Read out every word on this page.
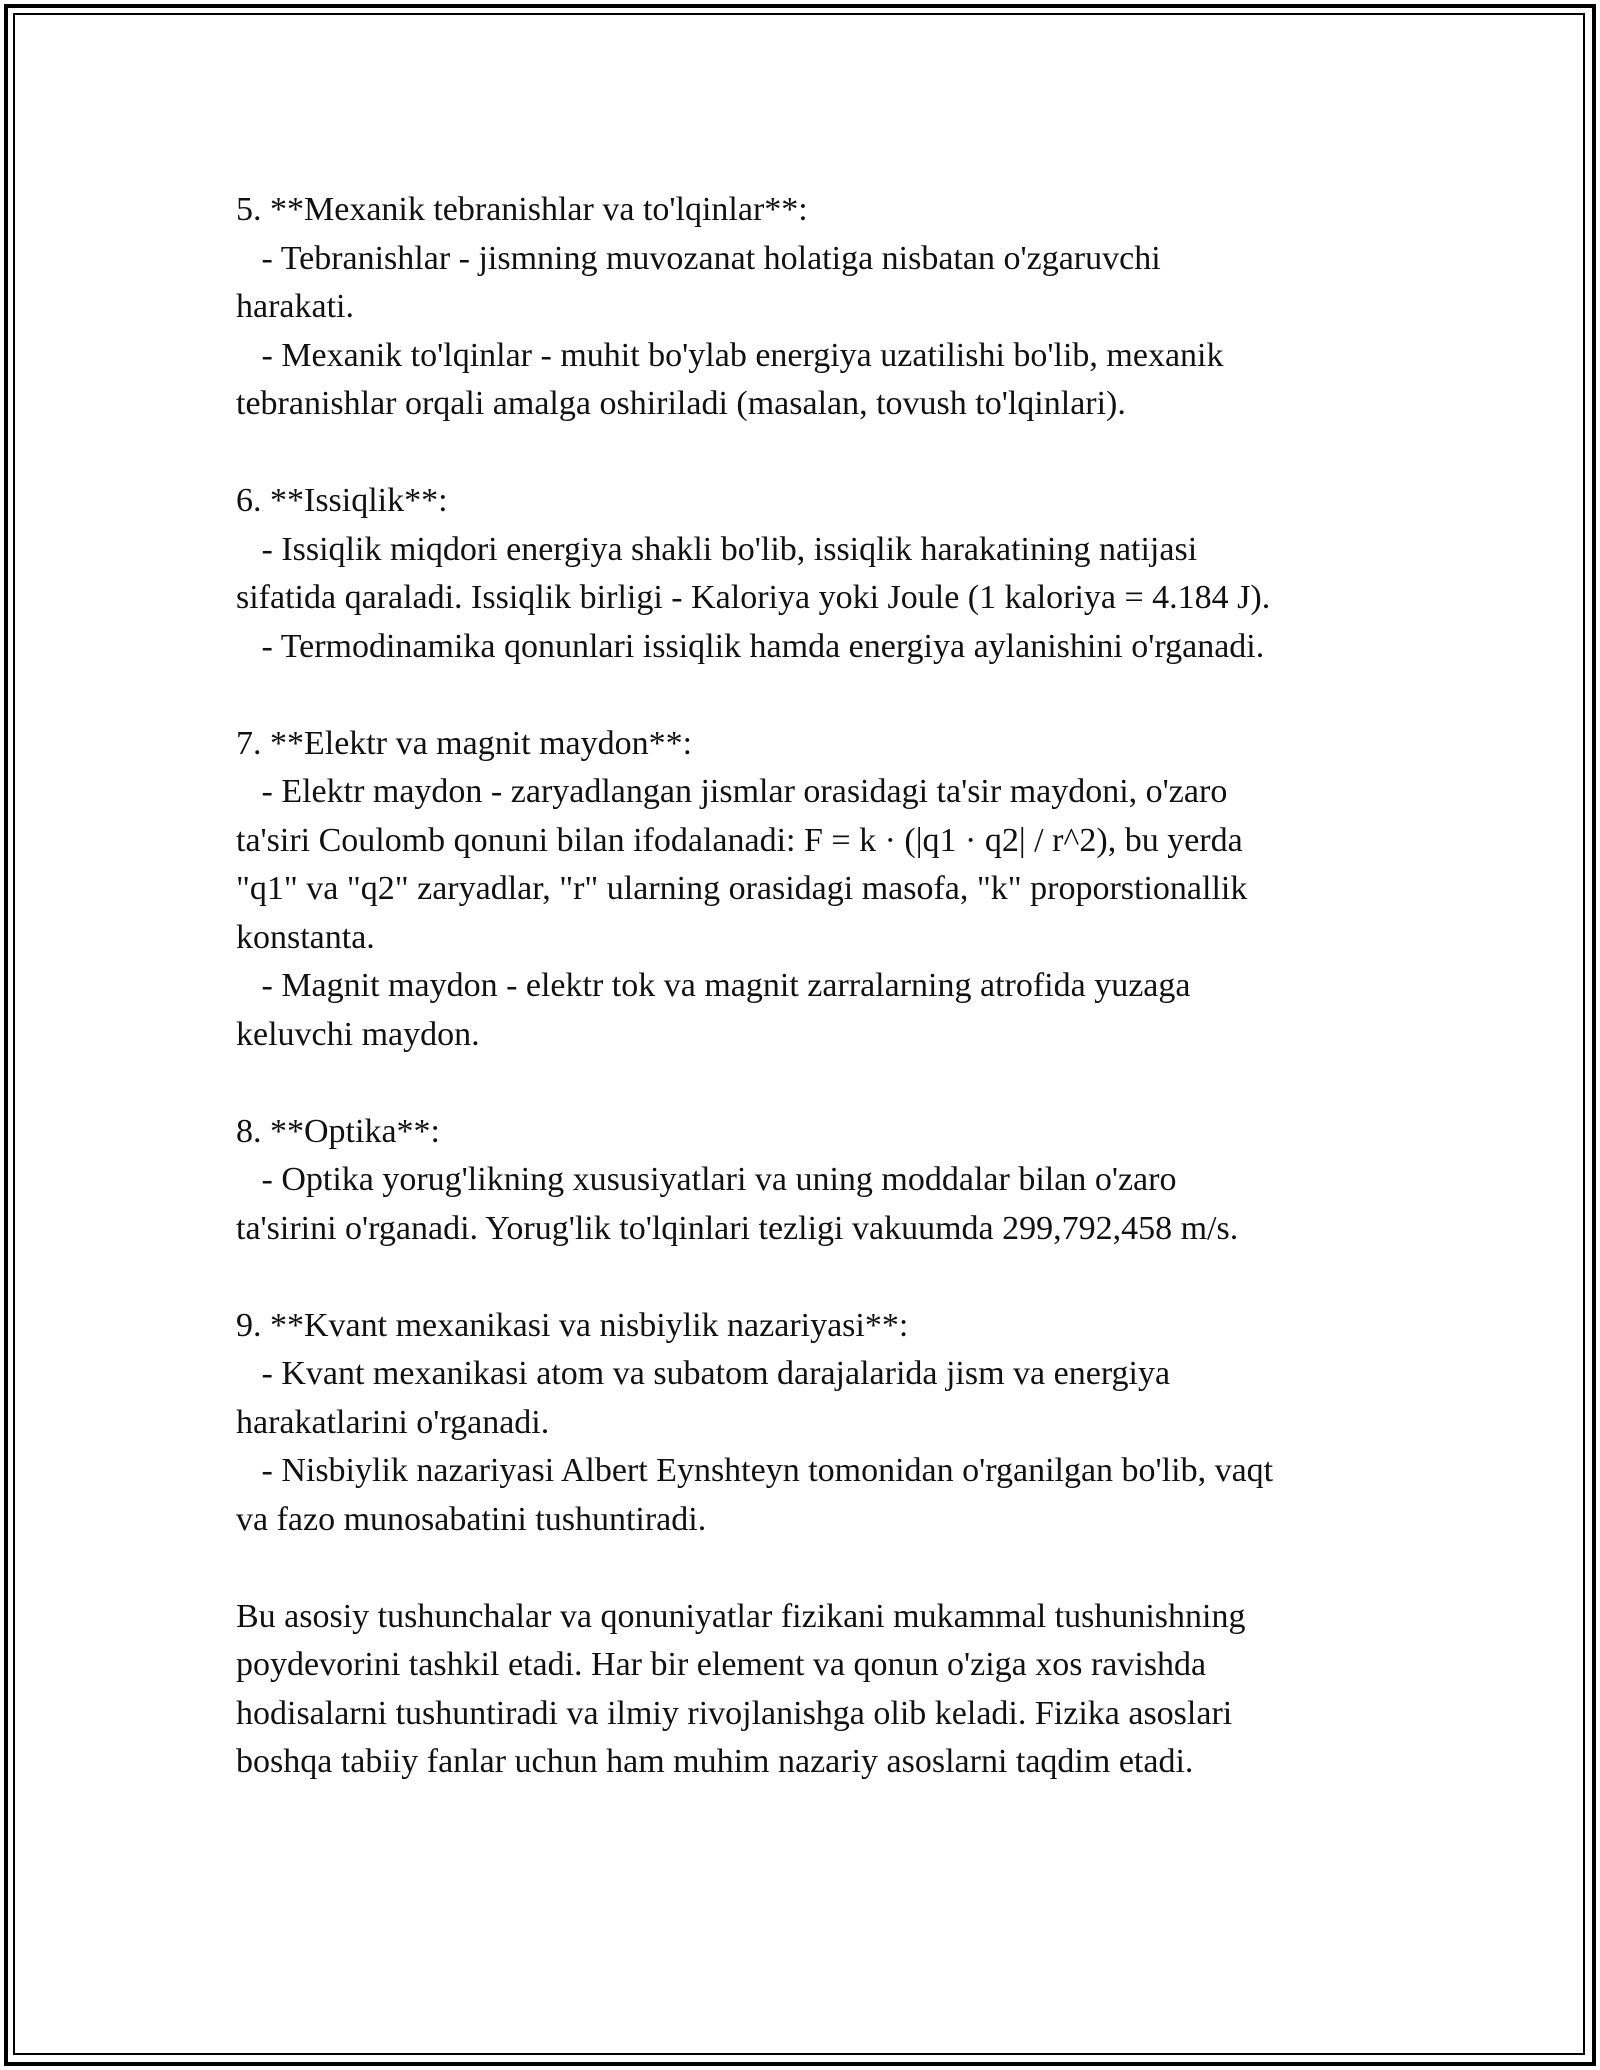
5. **Mexanik tebranishlar va to'lqinlar**:
- Tebranishlar - jismning muvozanat holatiga nisbatan o'zgaruvchi
harakati.
- Mexanik to'lqinlar - muhit bo'ylab energiya uzatilishi bo'lib, mexanik
tebranishlar orqali amalga oshiriladi (masalan, tovush to'lqinlari).
6. **Issiqlik**:
- Issiqlik miqdori energiya shakli bo'lib, issiqlik harakatining natijasi
sifatida qaraladi. Issiqlik birligi - Kaloriya yoki Joule (1 kaloriya = 4.184 J).
- Termodinamika qonunlari issiqlik hamda energiya aylanishini o'rganadi.
7. **Elektr va magnit maydon**:
- Elektr maydon - zaryadlangan jismlar orasidagi ta'sir maydoni, o'zaro
ta'siri Coulomb qonuni bilan ifodalanadi: F = k · (|q1 · q2| / r^2), bu yerda
"q1" va "q2" zaryadlar, "r" ularning orasidagi masofa, "k" proporstionallik
konstanta.
- Magnit maydon - elektr tok va magnit zarralarning atrofida yuzaga
keluvchi maydon.
8. **Optika**:
- Optika yorug'likning xususiyatlari va uning moddalar bilan o'zaro
ta'sirini o'rganadi. Yorug'lik to'lqinlari tezligi vakuumda 299,792,458 m/s.
9. **Kvant mexanikasi va nisbiylik nazariyasi**:
- Kvant mexanikasi atom va subatom darajalarida jism va energiya
harakatlarini o'rganadi.
- Nisbiylik nazariyasi Albert Eynshteyn tomonidan o'rganilgan bo'lib, vaqt
va fazo munosabatini tushuntiradi.
Bu asosiy tushunchalar va qonuniyatlar fizikani mukammal tushunishning
poydevorini tashkil etadi. Har bir element va qonun o'ziga xos ravishda
hodisalarni tushuntiradi va ilmiy rivojlanishga olib keladi. Fizika asoslari
boshqa tabiiy fanlar uchun ham muhim nazariy asoslarni taqdim etadi.
